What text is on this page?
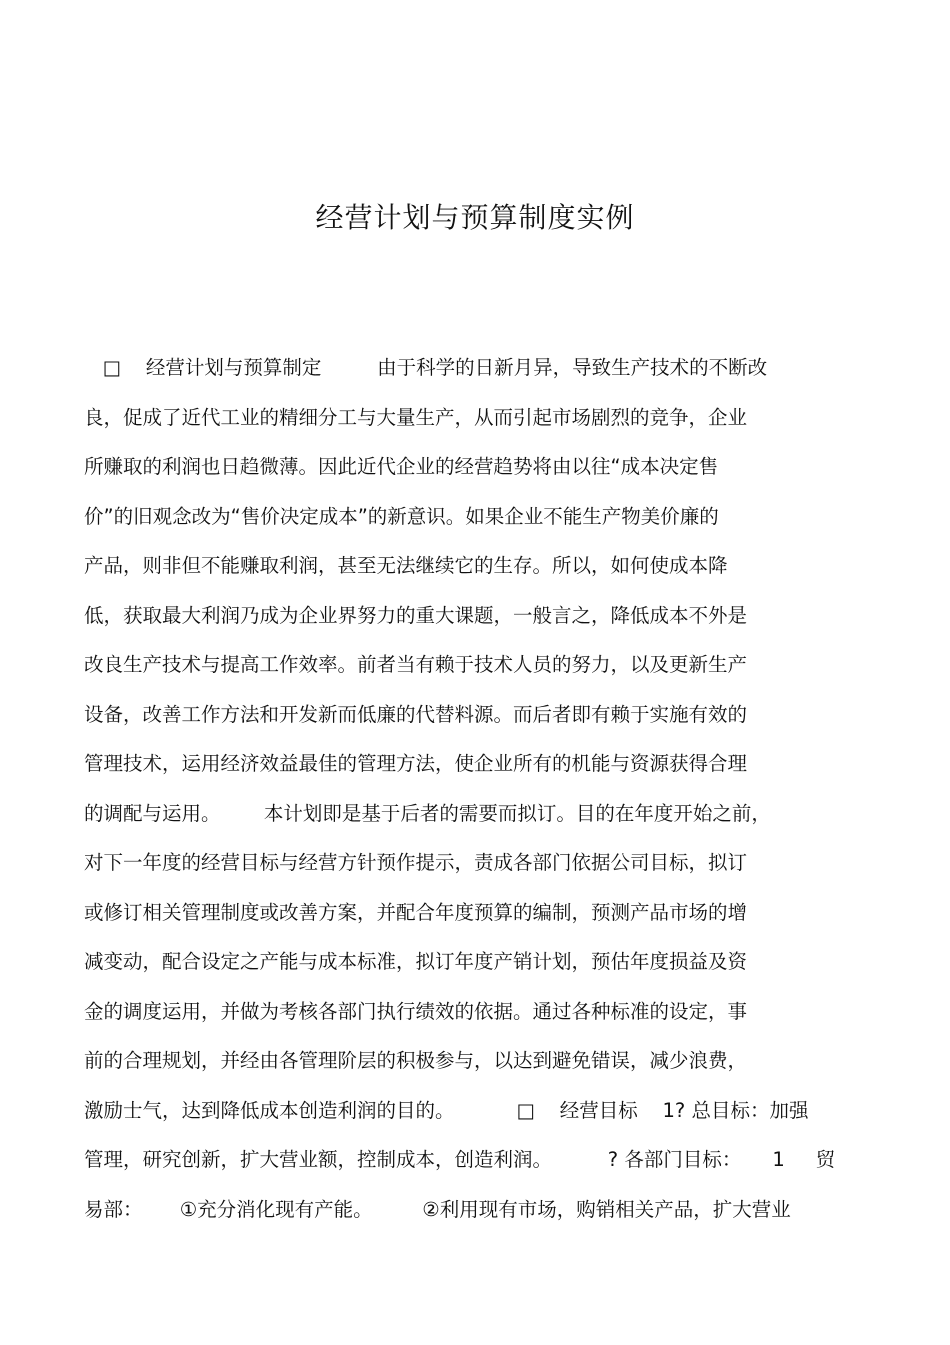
经营计划与预算制度实例
□    经营计划与预算制定         由于科学的日新月异，导致生产技术的不断改
良，促成了近代工业的精细分工与大量生产，从而引起市场剧烈的竞争，企业
所赚取的利润也日趋微薄。因此近代企业的经营趋势将由以往“成本决定售
价”的旧观念改为“售价决定成本”的新意识。如果企业不能生产物美价廉的
产品，则非但不能赚取利润，甚至无法继续它的生存。所以，如何使成本降
低，获取最大利润乃成为企业界努力的重大课题，一般言之，降低成本不外是
改良生产技术与提高工作效率。前者当有赖于技术人员的努力，以及更新生产
设备，改善工作方法和开发新而低廉的代替料源。而后者即有赖于实施有效的
管理技术，运用经济效益最佳的管理方法，使企业所有的机能与资源获得合理
的调配与运用。       本计划即是基于后者的需要而拟订。目的在年度开始之前，
对下一年度的经营目标与经营方针预作提示，责成各部门依据公司目标，拟订
或修订相关管理制度或改善方案，并配合年度预算的编制，预测产品市场的增
减变动，配合设定之产能与成本标准，拟订年度产销计划，预估年度损益及资
金的调度运用，并做为考核各部门执行绩效的依据。通过各种标准的设定，事
前的合理规划，并经由各管理阶层的积极参与，以达到避免错误，减少浪费，
激励士气，达到降低成本创造利润的目的。          □    经营目标    1? 总目标：加强
管理，研究创新，扩大营业额，控制成本，创造利润。         ? 各部门目标：     1     贸
易部：      ①充分消化现有产能。        ②利用现有市场，购销相关产品，扩大营业
